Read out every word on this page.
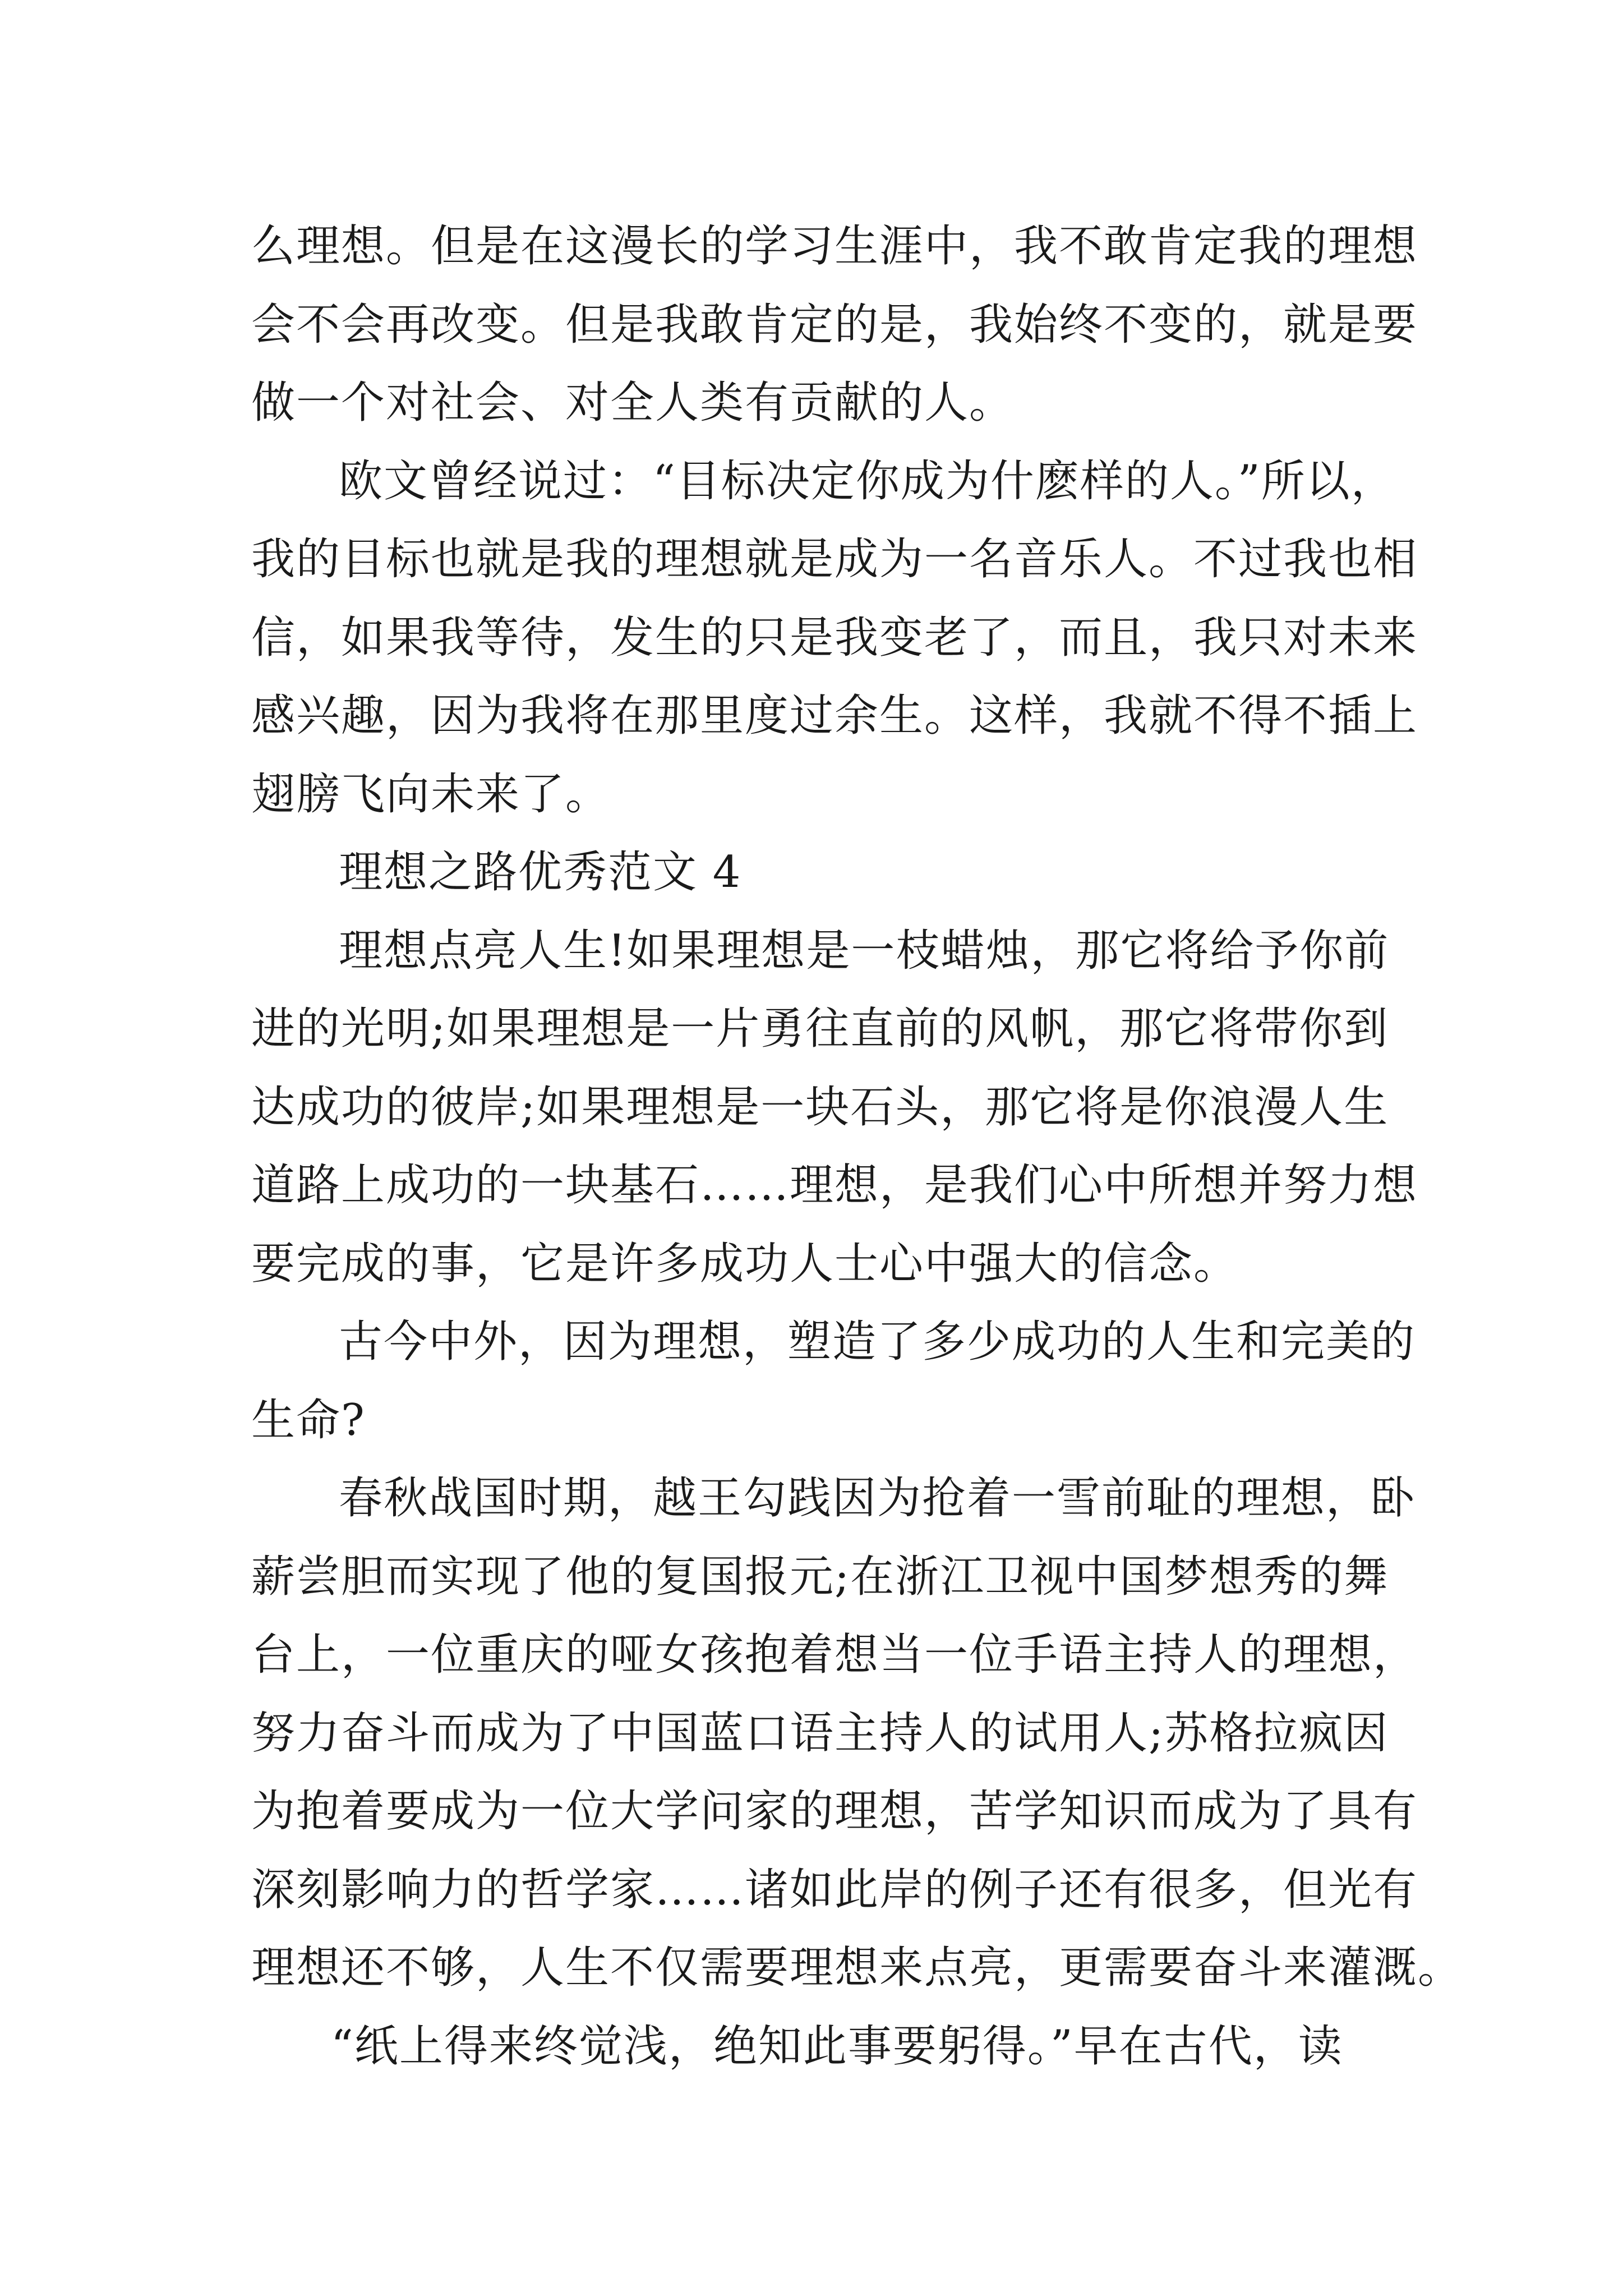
么理想。但是在这漫长的学习生涯中，我不敢肯定我的理想
会不会再改变。但是我敢肯定的是，我始终不变的，就是要
做一个对社会、对全人类有贡献的人。
欧文曾经说过：“目标决定你成为什麽样的人。”所以，
我的目标也就是我的理想就是成为一名音乐人。不过我也相
信，如果我等待，发生的只是我变老了，而且，我只对未来
感兴趣，因为我将在那里度过余生。这样，我就不得不插上
翅膀飞向未来了。
理想之路优秀范文 4
理想点亮人生!如果理想是一枝蜡烛，那它将给予你前
进的光明;如果理想是一片勇往直前的风帆，那它将带你到
达成功的彼岸;如果理想是一块石头，那它将是你浪漫人生
道路上成功的一块基石……理想，是我们心中所想并努力想
要完成的事，它是许多成功人士心中强大的信念。
古今中外，因为理想，塑造了多少成功的人生和完美的
生命?
春秋战国时期，越王勾践因为抢着一雪前耻的理想，卧
薪尝胆而实现了他的复国报元;在浙江卫视中国梦想秀的舞
台上，一位重庆的哑女孩抱着想当一位手语主持人的理想，
努力奋斗而成为了中国蓝口语主持人的试用人;苏格拉疯因
为抱着要成为一位大学问家的理想，苦学知识而成为了具有
深刻影响力的哲学家……诸如此岸的例子还有很多，但光有
理想还不够，人生不仅需要理想来点亮，更需要奋斗来灌溉。
“纸上得来终觉浅，绝知此事要躬得。”早在古代，读
